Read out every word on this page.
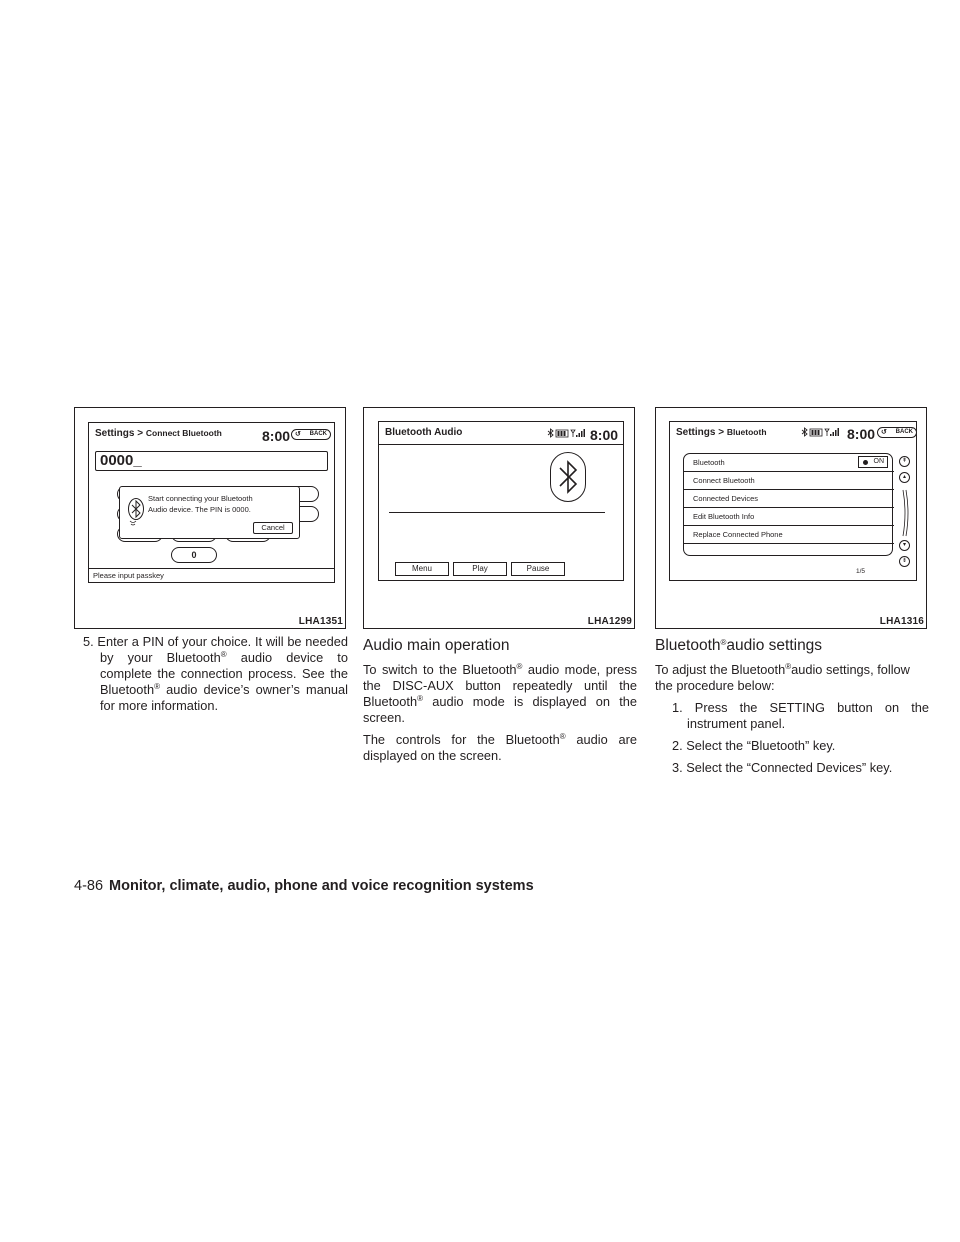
Settings > Connect Bluetooth	8:00 ↺ BACK
0000_
0
Start connecting your Bluetooth
Audio device. The PIN is 0000.
Cancel
Please input passkey
LHA1351
Bluetooth Audio	8:00
Menu	Play	Pause
LHA1299
Settings > Bluetooth	8:00 ↺ BACK
Bluetooth	ON
Connect Bluetooth
Connected Devices
Edit Bluetooth Info
Replace Connected Phone
⇞
▴
▾
⇟
1/5
LHA1316
5. Enter a PIN of your choice. It will be needed by your Bluetooth® audio device to complete the connection process. See the Bluetooth® audio device’s owner’s manual for more information.
Audio main operation
To switch to the Bluetooth® audio mode, press the DISC-AUX button repeatedly until the Bluetooth® audio mode is displayed on the screen.
The controls for the Bluetooth® audio are displayed on the screen.
Bluetooth®audio settings
To adjust the Bluetooth®audio settings, follow the procedure below:
1. Press the SETTING button on the instrument panel.
2. Select the “Bluetooth” key.
3. Select the “Connected Devices” key.
4-86 Monitor, climate, audio, phone and voice recognition systems
